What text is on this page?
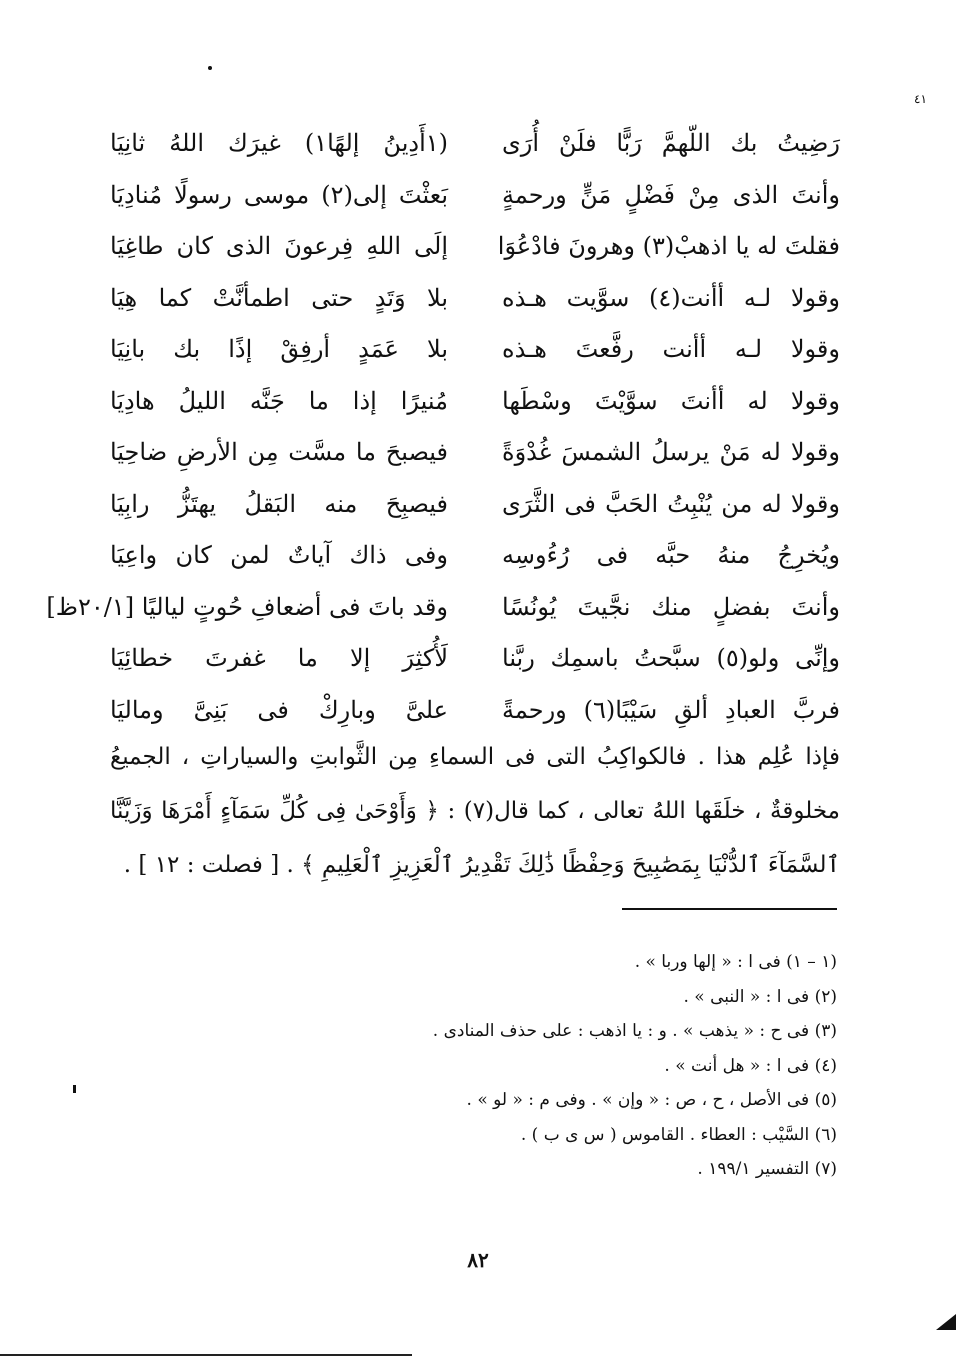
٤١
رَضِيتُ بك اللّهمَّ رَبًّا فلَنْ أُرَى
(١أَدِينُ إلهًا١) غيرَك اللهُ ثانِيَا
وأنتَ الذى مِنْ فَضْلٍ مَنٍّ ورحمةٍ
بَعثْتَ إلى(٢) موسى رسولًا مُنادِيَا
فقلتَ له يا اذهبْ(٣) وهرونَ فادْعُوَا
إلَى اللهِ فِرعونَ الذى كان طاغِيَا
وقولا لـه أأنت(٤) سوَّيت هـذه
بلا وَتَدٍ حتى اطمأنَّتْ كما هِيَا
وقولا لـه أأنت رفَّعتَ هـذه
بلا عَمَدٍ أرفِقْ إذًا بك بانِيَا
وقولا له أأنتَ سوَّيْتَ وسْطَها
مُنيرًا إذا ما جَنَّه الليلُ هادِيَا
وقولا له مَنْ يرسلُ الشمسَ غُدْوَةً
فيصبحَ ما مسَّت مِن الأرضِ ضاحِيَا
وقولا له من يُنْبِتُ الحَبَّ فى الثَّرَى
فيصبِحَ منه البَقلُ يهتَزُّ رابِيَا
ويُخرِجُ منهُ حبَّه فى رُءُوسِه
وفى ذاك آياتٌ لمن كان واعِيَا
وأنتَ بفضلٍ منك نجَّيتَ يُونُسًا
وقد باتَ فى أضعافِ حُوتٍ لياليًا [٢٠/١ظ]
وإنِّى ولو(٥) سبَّحتُ باسمِك ربَّنا
لَأُكثِرَ إلا ما غفرتَ خطائِيَا
فربَّ العبادِ ألقِ سَيْبًا(٦) ورحمةً
علىَّ وبارِكْ فى بَنِىَّ وماليَا
فإذا عُلِم هذا . فالكواكِبُ التى فى السماءِ مِن الثَّوابتِ والسياراتِ ، الجميعُ مخلوقةٌ ، خلَقَها اللهُ تعالى ، كما قال(٧) : ﴿ وَأَوْحَىٰ فِى كُلِّ سَمَآءٍ أَمْرَهَا وَزَيَّنَّا ٱلسَّمَآءَ ٱلدُّنْيَا بِمَصَٰبِيحَ وَحِفْظًا ذَٰلِكَ تَقْدِيرُ ٱلْعَزِيزِ ٱلْعَلِيمِ ﴾ . [ فصلت : ١٢ ] .
(١ – ١) فى ا : « إلها وربا » .
(٢) فى ا : « النبى » .
(٣) فى ح : « يذهب » . و : يا اذهب : على حذف المنادى .
(٤) فى ا : « هل أنت » .
(٥) فى الأصل ، ح ، ص : « وإن » . وفى م : « لو » .
(٦) السَّيْب : العطاء . القاموس ( س ى ب ) .
(٧) التفسير ١٩٩/١ .
٨٢
